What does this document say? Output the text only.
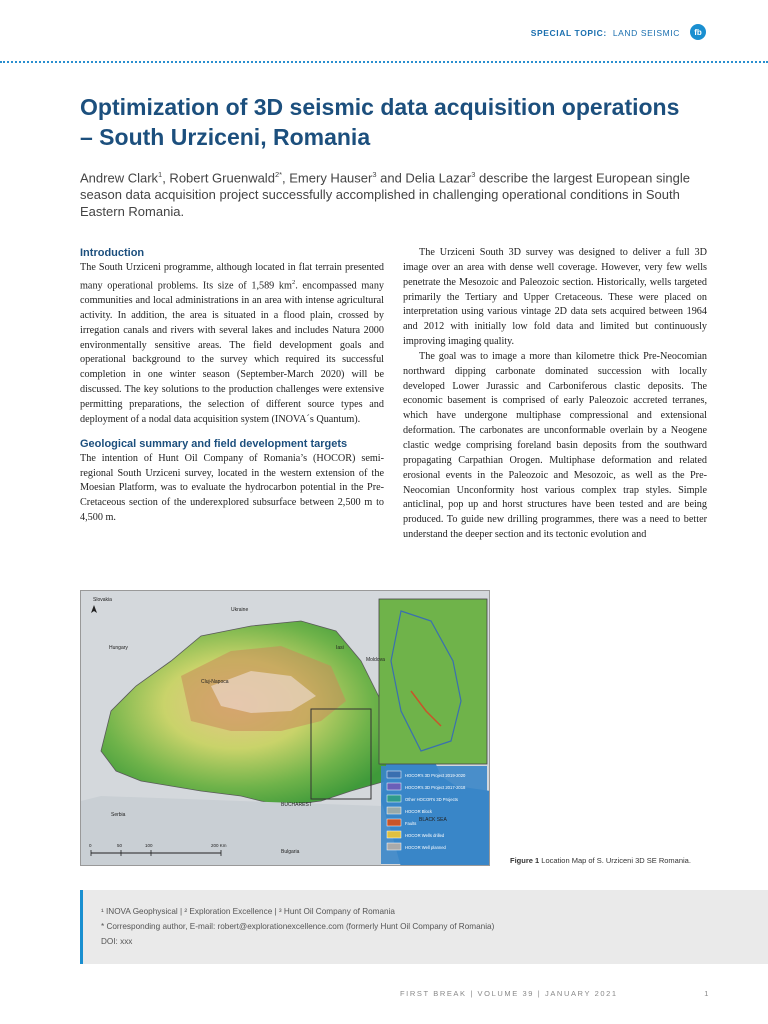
SPECIAL TOPIC: LAND SEISMIC	fb
Optimization of 3D seismic data acquisition operations – South Urziceni, Romania

Andrew Clark$^1$, Robert Gruenwald$^{2*}$, Emery Hauser$^3$ and Delia Lazar$^3$ describe the largest European single season data acquisition project successfully accomplished in challenging operational conditions in South Eastern Romania.

Introduction

The South Urziceni programme, although located in flat terrain presented many operational problems. Its size of 1,589 $km^2$. encompassed many communities and local administrations in an area with intense agricultural activity. In addition, the area is situated in a flood plain, crossed by irregation canals and rivers with several lakes and includes Natura 2000 environmentally sensitive areas. The field development goals and operational background to the survey which required its successful completion in one winter season (September-March 2020) will be discussed. The key solutions to the production challenges were extensive permitting preparations, the selection of different source types and deployment of a nodal data acquisition system (INOVA´s Quantum).

Geological summary and field development targets

The intention of Hunt Oil Company of Romania’s (HOCOR) semi-regional South Urziceni survey, located in the western extension of the Moesian Platform, was to evaluate the hydrocarbon potential in the Pre-Cretaceous section of the underexplored subsurface between 2,500 m to 4,500 m.

The Urziceni South 3D survey was designed to deliver a full 3D image over an area with dense well coverage. However, very few wells penetrate the Mesozoic and Paleozoic section. Historically, wells targeted primarily the Tertiary and Upper Cretaceous. These were placed on interpretation using various vintage 2D data sets acquired between 1964 and 2012 with initially low fold data and limited but continuously improving imaging quality.

The goal was to image a more than kilometre thick Pre-Neocomian northward dipping carbonate dominated succession with locally developed Lower Jurassic and Carboniferous clastic deposits. The economic basement is comprised of early Paleozoic accreted terranes, which have undergone multiphase compressional and extensional deformation. The carbonates are unconformable overlain by a Neogene clastic wedge comprising foreland basin deposits from the southward propagating Carpathian Orogen. Multiphase deformation and related erosional events in the Paleozoic and Mesozoic, as well as the Pre-Neocomian Unconformity host various complex trap styles. Simple anticlinal, pop up and horst structures have been tested and are being produced. To guide new drilling programmes, there was a need to better understand the deeper section and its tectonic evolution and

HOCOR's 3D Project 2019-2020
HOCOR's 3D Project 2017-2018
Other HOCOR's 3D Projects
HOCOR Block
Faults
HOCOR Wells drilled
HOCOR Well planned
Slovakia
Ukraine
Hungary
Serbia
Bulgaria
Moldova
BLACK SEA
BUCHAREST
Cluj-Napoca
Iasi
0	50	100	200 Km
Figure 1 Location Map of S. Urziceni 3D SE Romania.
¹ INOVA Geophysical | ² Exploration Excellence | ³ Hunt Oil Company of Romania
* Corresponding author, E-mail: robert@explorationexcellence.com (formerly Hunt Oil Company of Romania)
DOI: xxx
FIRST BREAK | VOLUME 39 | JANUARY 2021	1
